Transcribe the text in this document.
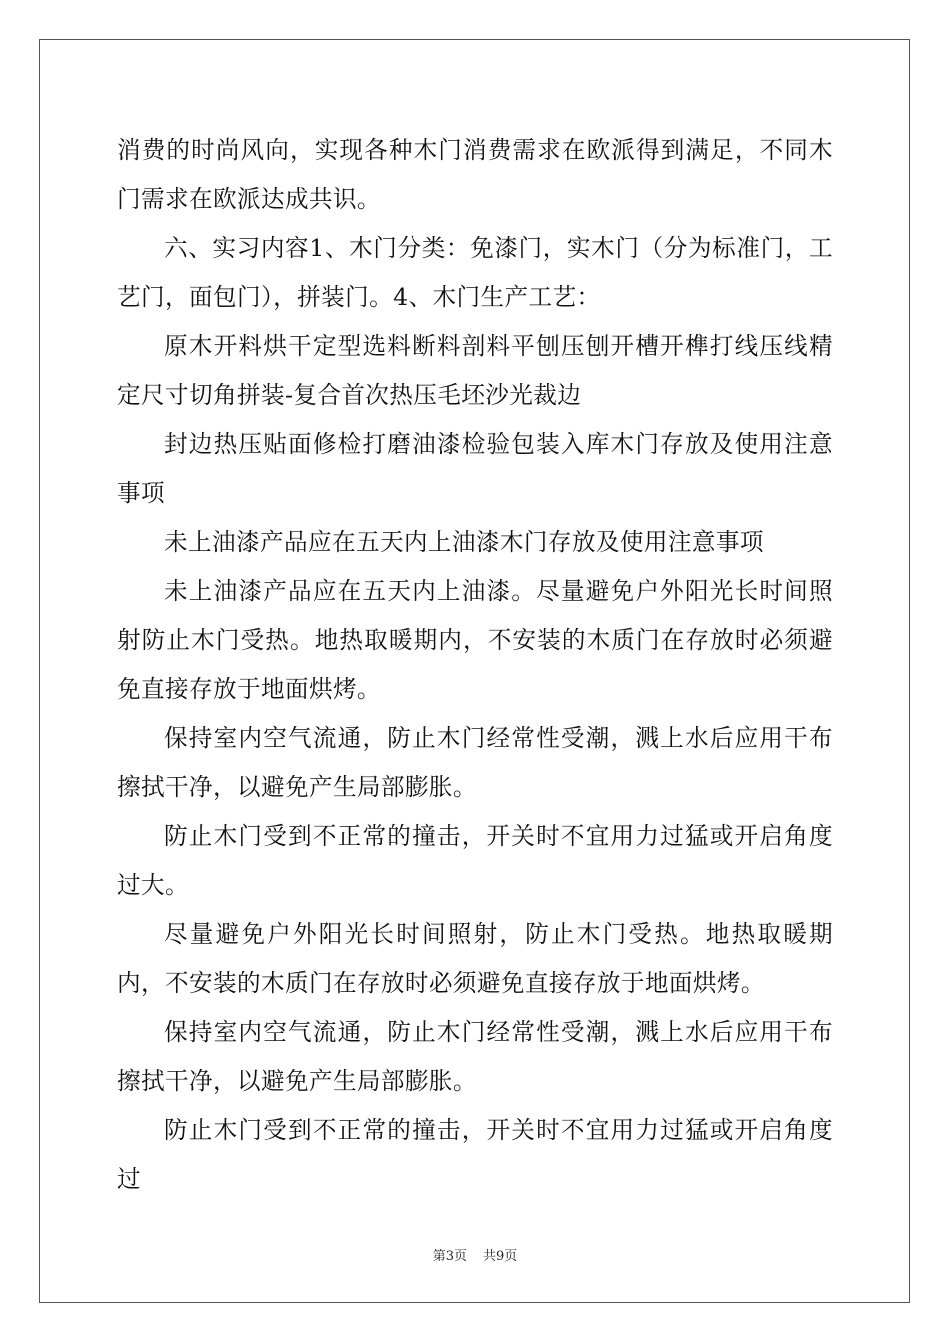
消费的时尚风向，实现各种木门消费需求在欧派得到满足，不同木门需求在欧派达成共识。

六、实习内容1、木门分类：免漆门，实木门（分为标准门，工艺门，面包门），拼装门。4、木门生产工艺：

原木开料烘干定型选料断料剖料平刨压刨开槽开榫打线压线精定尺寸切角拼装-复合首次热压毛坯沙光裁边

封边热压贴面修检打磨油漆检验包装入库木门存放及使用注意事项

未上油漆产品应在五天内上油漆木门存放及使用注意事项

未上油漆产品应在五天内上油漆。尽量避免户外阳光长时间照射防止木门受热。地热取暖期内，不安装的木质门在存放时必须避免直接存放于地面烘烤。

保持室内空气流通，防止木门经常性受潮，溅上水后应用干布擦拭干净，以避免产生局部膨胀。

防止木门受到不正常的撞击，开关时不宜用力过猛或开启角度过大。

尽量避免户外阳光长时间照射，防止木门受热。地热取暖期内，不安装的木质门在存放时必须避免直接存放于地面烘烤。

保持室内空气流通，防止木门经常性受潮，溅上水后应用干布擦拭干净，以避免产生局部膨胀。

防止木门受到不正常的撞击，开关时不宜用力过猛或开启角度过

第3页 共9页
